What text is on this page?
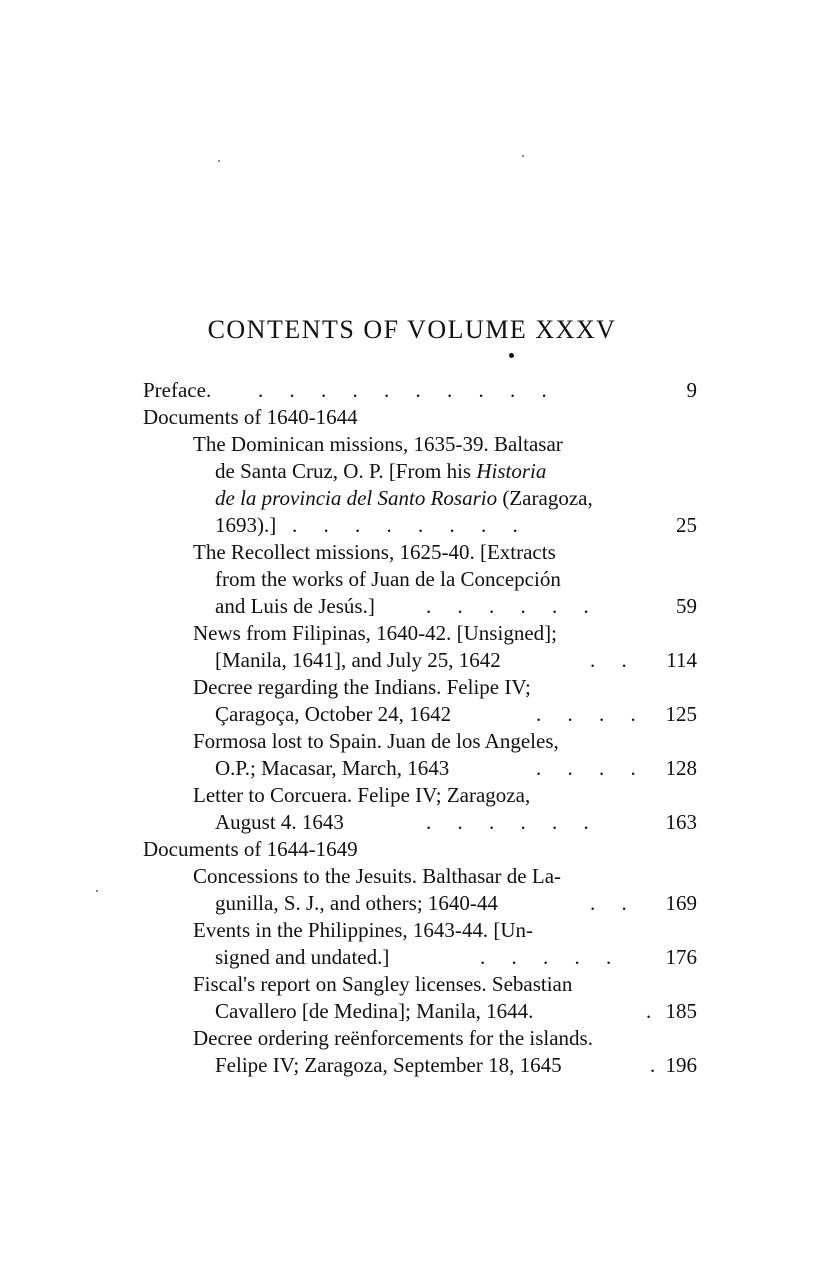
CONTENTS OF VOLUME XXXV
Preface. .     .     .     .     .     .     .     .     .     .	9
Documents of 1640-1644
The Dominican missions, 1635-39. Baltasar
de Santa Cruz, O. P. [From his Historia
de la provincia del Santo Rosario (Zaragoza,
1693).] .     .     .     .     .     .     .     .	25
The Recollect missions, 1625-40. [Extracts
from the works of Juan de la Concepción
and Luis de Jesús.] .     .     .     .     .     .	59
News from Filipinas, 1640-42. [Unsigned];
[Manila, 1641], and July 25, 1642	.     . 114
Decree regarding the Indians. Felipe IV;
Çaragoça, October 24, 1642	.     .     .     . 125
Formosa lost to Spain. Juan de los Angeles,
O.P.; Macasar, March, 1643	.     .     .     . 128
Letter to Corcuera. Felipe IV; Zaragoza,
August 4. 1643	.     .     .     .     .     .	163
Documents of 1644-1649
Concessions to the Jesuits. Balthasar de La-
gunilla, S. J., and others; 1640-44	.     . 169
Events in the Philippines, 1643-44. [Un-
signed and undated.]	.     .     .     .     .	176
Fiscal's report on Sangley licenses. Sebastian
Cavallero [de Medina]; Manila, 1644.	. 185
Decree ordering reënforcements for the islands.
Felipe IV; Zaragoza, September 18, 1645	. 196
